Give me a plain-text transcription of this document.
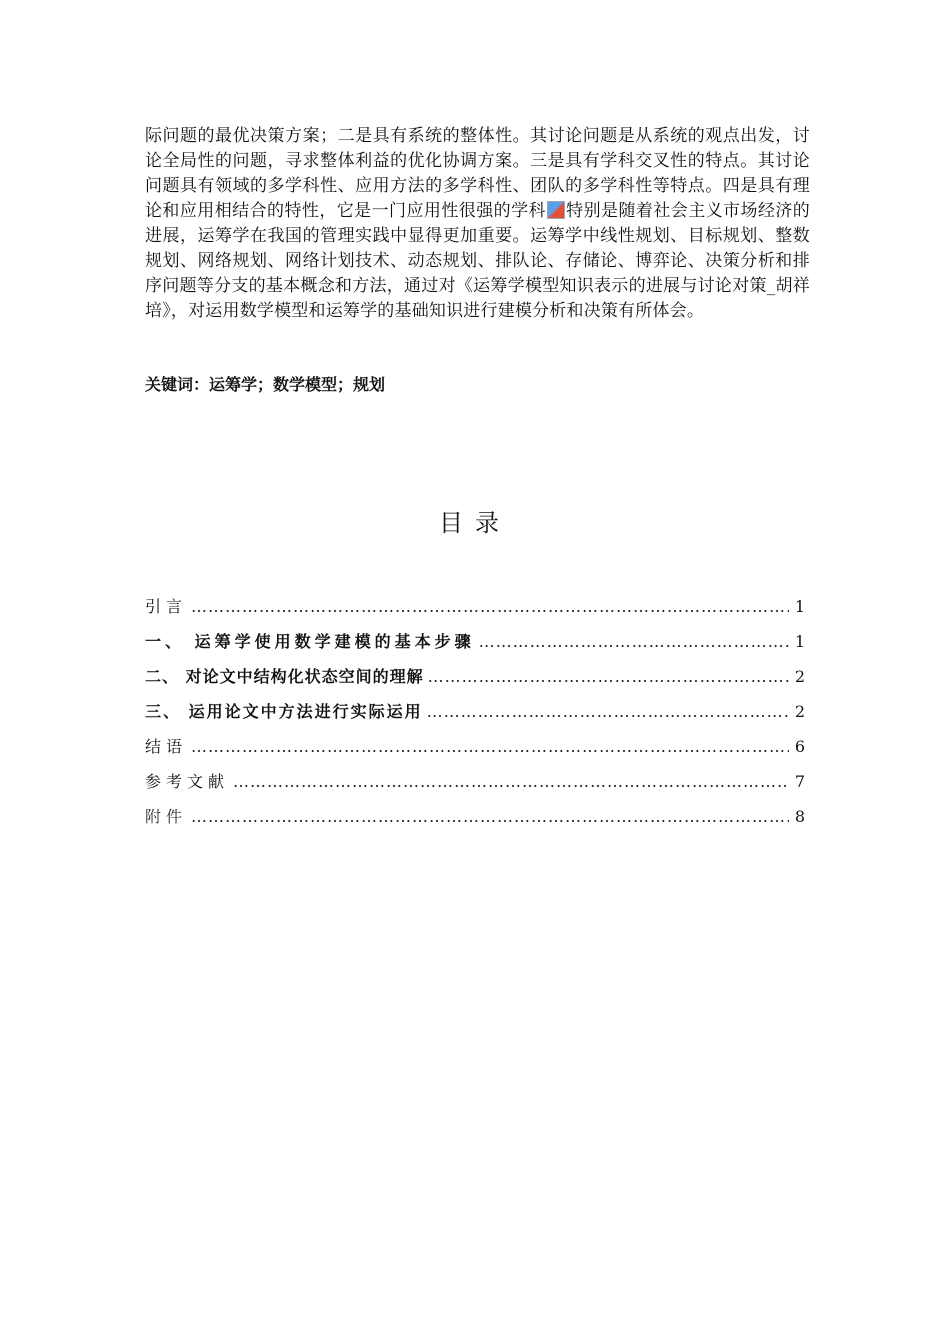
际问题的最优决策方案；二是具有系统的整体性。其讨论问题是从系统的观点出发，讨论全局性的问题，寻求整体利益的优化协调方案。三是具有学科交叉性的特点。其讨论问题具有领域的多学科性、应用方法的多学科性、团队的多学科性等特点。四是具有理论和应用相结合的特性，它是一门应用性很强的学科 特别是随着社会主义市场经济的进展，运筹学在我国的管理实践中显得更加重要。运筹学中线性规划、目标规划、整数规划、网络规划、网络计划技术、动态规划、排队论、存储论、博弈论、决策分析和排序问题等分支的基本概念和方法，通过对《运筹学模型知识表示的进展与讨论对策_胡祥培》，对运用数学模型和运筹学的基础知识进行建模分析和决策有所体会。

关键词：运筹学；数学模型；规划
目录
引言 …………………………………………………………………………………………………………………………………………………	1
一、 运筹学使用数学建模的基本步骤 …………………………………………………………………………………………………………………………………………………	1
二、 对论文中结构化状态空间的理解 …………………………………………………………………………………………………………………………………………………	2
三、 运用论文中方法进行实际运用 …………………………………………………………………………………………………………………………………………………	2
结语 …………………………………………………………………………………………………………………………………………………	6
参考文献 …………………………………………………………………………………………………………………………………………………	7
附件 …………………………………………………………………………………………………………………………………………………	8
